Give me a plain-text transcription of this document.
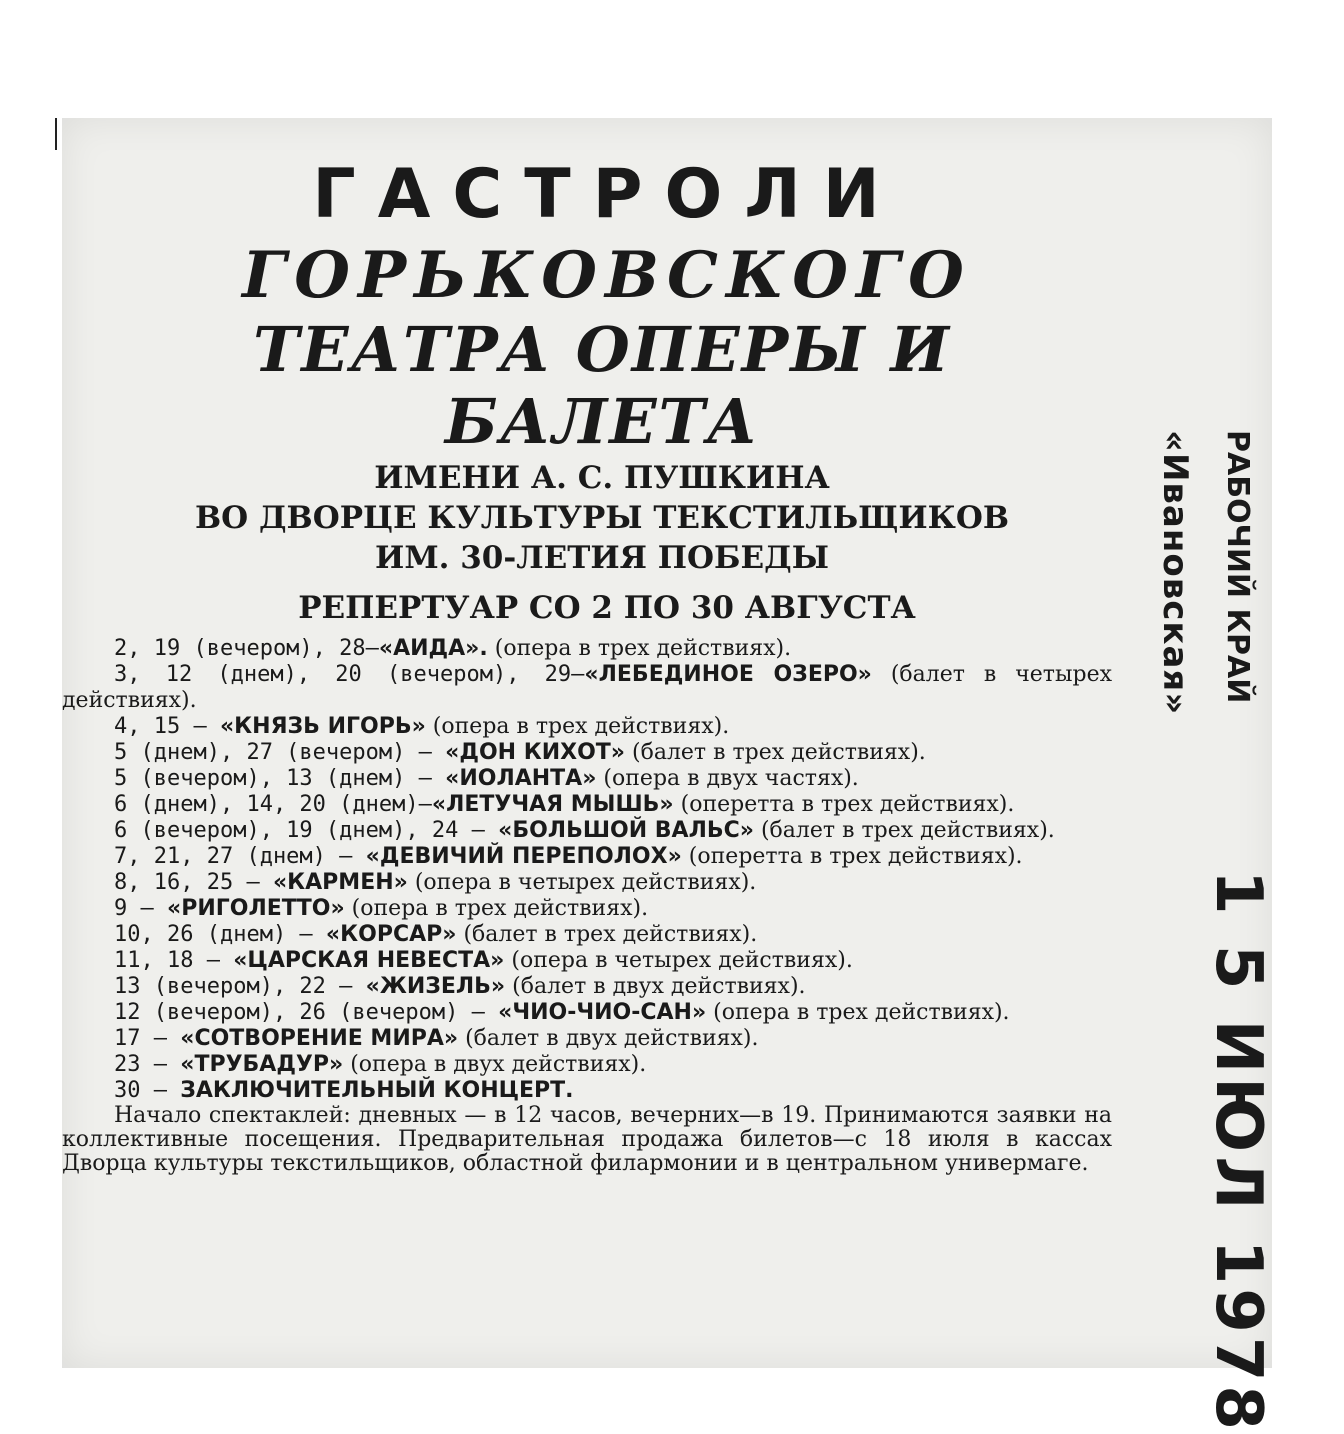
ГАСТРОЛИ
ГОРЬКОВСКОГО
ТЕАТРА ОПЕРЫ И БАЛЕТА
ИМЕНИ А. С. ПУШКИНА
ВО ДВОРЦЕ КУЛЬТУРЫ ТЕКСТИЛЬЩИКОВ
ИМ. 30-ЛЕТИЯ ПОБЕДЫ
РЕПЕРТУАР СО 2 ПО 30 АВГУСТА

2, 19 (вечером), 28—«АИДА». (опера в трех действиях).

3, 12 (днем), 20 (вечером), 29—«ЛЕБЕДИНОЕ ОЗЕРО» (балет в четырех действиях).

4, 15 — «КНЯЗЬ ИГОРЬ» (опера в трех действиях).

5 (днем), 27 (вечером) — «ДОН КИХОТ» (балет в трех действиях).

5 (вечером), 13 (днем) — «ИОЛАНТА» (опера в двух частях).

6 (днем), 14, 20 (днем)—«ЛЕТУЧАЯ МЫШЬ» (оперетта в трех действиях).

6 (вечером), 19 (днем), 24 — «БОЛЬШОЙ ВАЛЬС» (балет в трех действиях).

7, 21, 27 (днем) — «ДЕВИЧИЙ ПЕРЕПОЛОХ» (оперетта в трех действиях).

8, 16, 25 — «КАРМЕН» (опера в четырех действиях).

9 — «РИГОЛЕТТО» (опера в трех действиях).

10, 26 (днем) — «КОРСАР» (балет в трех действиях).

11, 18 — «ЦАРСКАЯ НЕВЕСТА» (опера в четырех действиях).

13 (вечером), 22 — «ЖИЗЕЛЬ» (балет в двух действиях).

12 (вечером), 26 (вечером) — «ЧИО-ЧИО-САН» (опера в трех действиях).

17 — «СОТВОРЕНИЕ МИРА» (балет в двух действиях).

23 — «ТРУБАДУР» (опера в двух действиях).

30 — ЗАКЛЮЧИТЕЛЬНЫЙ КОНЦЕРТ.

Начало спектаклей: дневных — в 12 часов, вечерних—в 19. Принимаются заявки на коллективные посещения. Предварительная продажа билетов—с 18 июля в кассах Дворца культуры текстильщиков, областной филармонии и в центральном универмаге.

РАБОЧИЙ КРАЙ
«Ивановская»
1 5 ИЮЛ 1978
